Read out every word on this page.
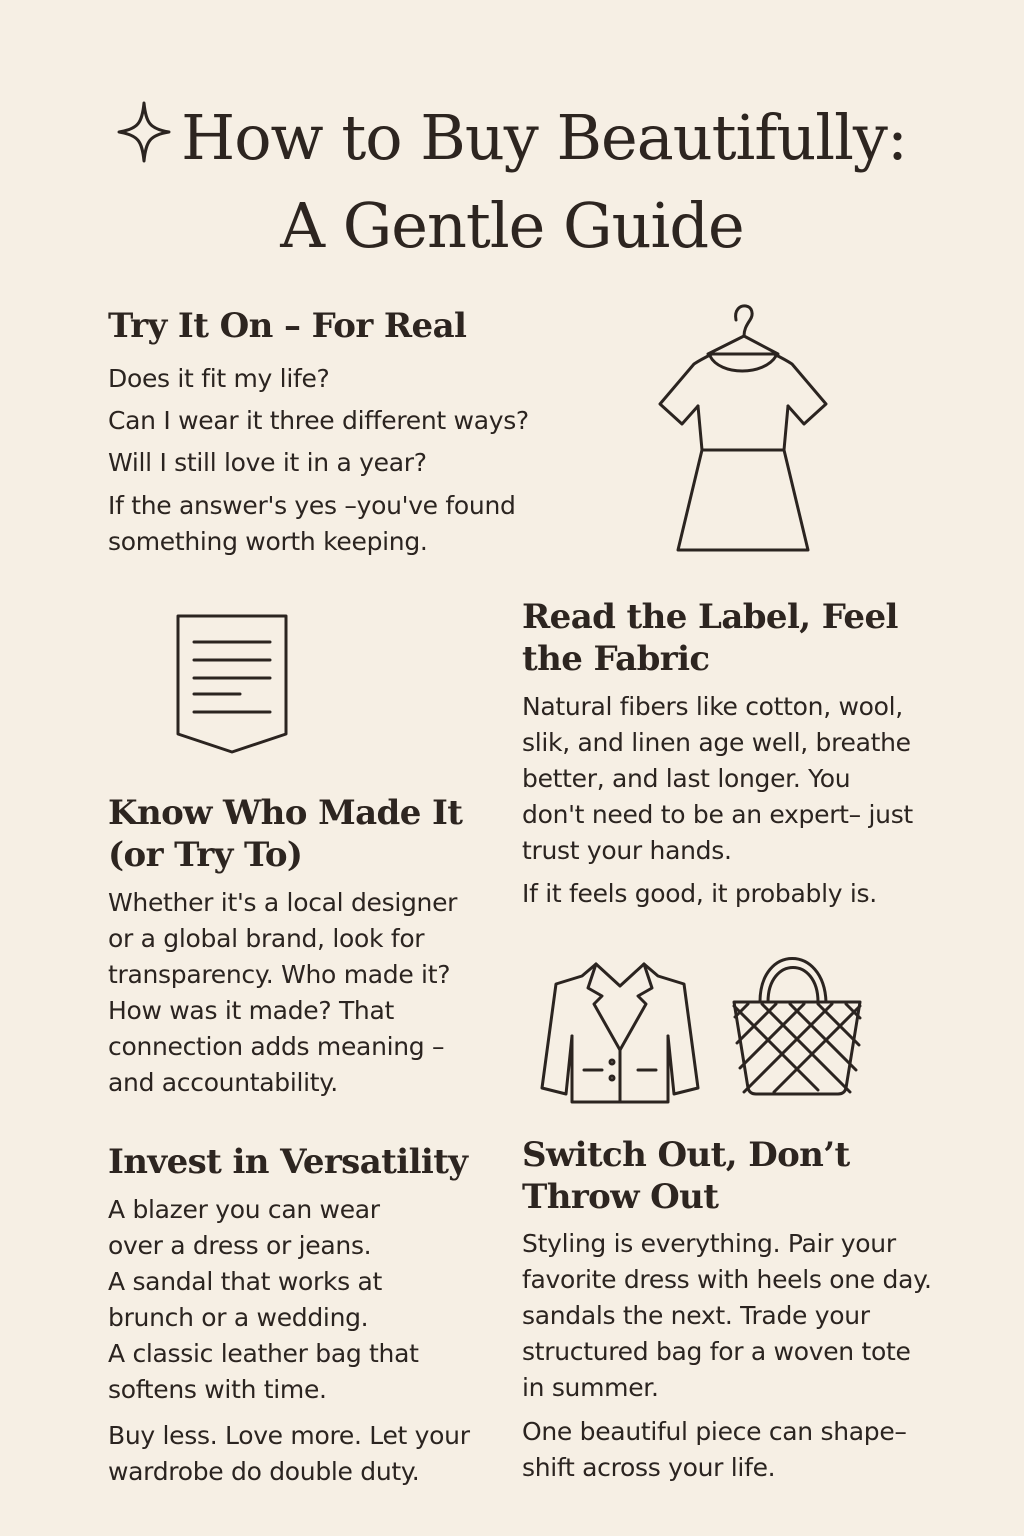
How to Buy Beautifully:
A Gentle Guide
Try It On – For Real

Does it fit my life?

Can I wear it three different ways?

Will I still love it in a year?

If the answer's yes –you've found

something worth keeping.

Read the Label, Feel
the Fabric

Natural fibers like cotton, wool,

slik, and linen age well, breathe

better, and last longer. You

don't need to be an expert– just

trust your hands.

If it feels good, it probably is.
Know Who Made It
(or Try To)

Whether it's a local designer

or a global brand, look for

transparency. Who made it?

How was it made? That

connection adds meaning –

and accountability.

Invest in Versatility

A blazer you can wear

over a dress or jeans.

A sandal that works at

brunch or a wedding.

A classic leather bag that

softens with time.

Buy less. Love more. Let your

wardrobe do double duty.

Switch Out, Don’t
Throw Out

Styling is everything. Pair your

favorite dress with heels one day.

sandals the next. Trade your

structured bag for a woven tote

in summer.

One beautiful piece can shape–

shift across your life.
